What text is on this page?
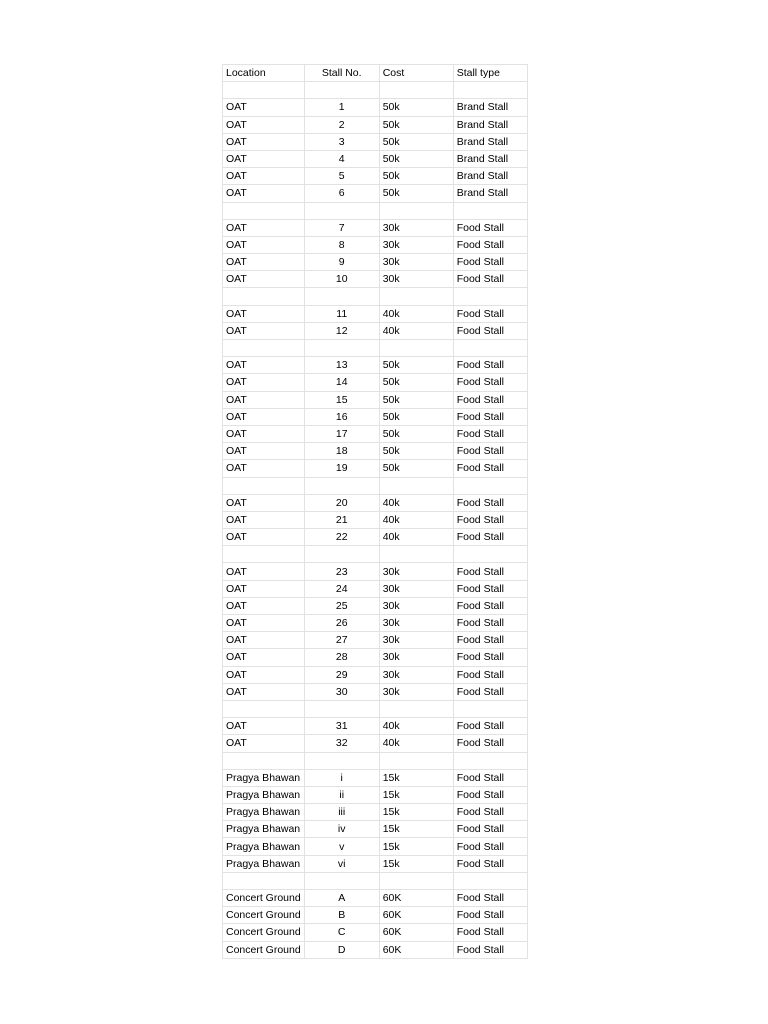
Location	Stall No.	Cost	Stall type

OAT	1	50k	Brand Stall
OAT	2	50k	Brand Stall
OAT	3	50k	Brand Stall
OAT	4	50k	Brand Stall
OAT	5	50k	Brand Stall
OAT	6	50k	Brand Stall

OAT	7	30k	Food Stall
OAT	8	30k	Food Stall
OAT	9	30k	Food Stall
OAT	10	30k	Food Stall

OAT	11	40k	Food Stall
OAT	12	40k	Food Stall

OAT	13	50k	Food Stall
OAT	14	50k	Food Stall
OAT	15	50k	Food Stall
OAT	16	50k	Food Stall
OAT	17	50k	Food Stall
OAT	18	50k	Food Stall
OAT	19	50k	Food Stall

OAT	20	40k	Food Stall
OAT	21	40k	Food Stall
OAT	22	40k	Food Stall

OAT	23	30k	Food Stall
OAT	24	30k	Food Stall
OAT	25	30k	Food Stall
OAT	26	30k	Food Stall
OAT	27	30k	Food Stall
OAT	28	30k	Food Stall
OAT	29	30k	Food Stall
OAT	30	30k	Food Stall

OAT	31	40k	Food Stall
OAT	32	40k	Food Stall

Pragya Bhawan	i	15k	Food Stall
Pragya Bhawan	ii	15k	Food Stall
Pragya Bhawan	iii	15k	Food Stall
Pragya Bhawan	iv	15k	Food Stall
Pragya Bhawan	v	15k	Food Stall
Pragya Bhawan	vi	15k	Food Stall

Concert Ground	A	60K	Food Stall
Concert Ground	B	60K	Food Stall
Concert Ground	C	60K	Food Stall
Concert Ground	D	60K	Food Stall
